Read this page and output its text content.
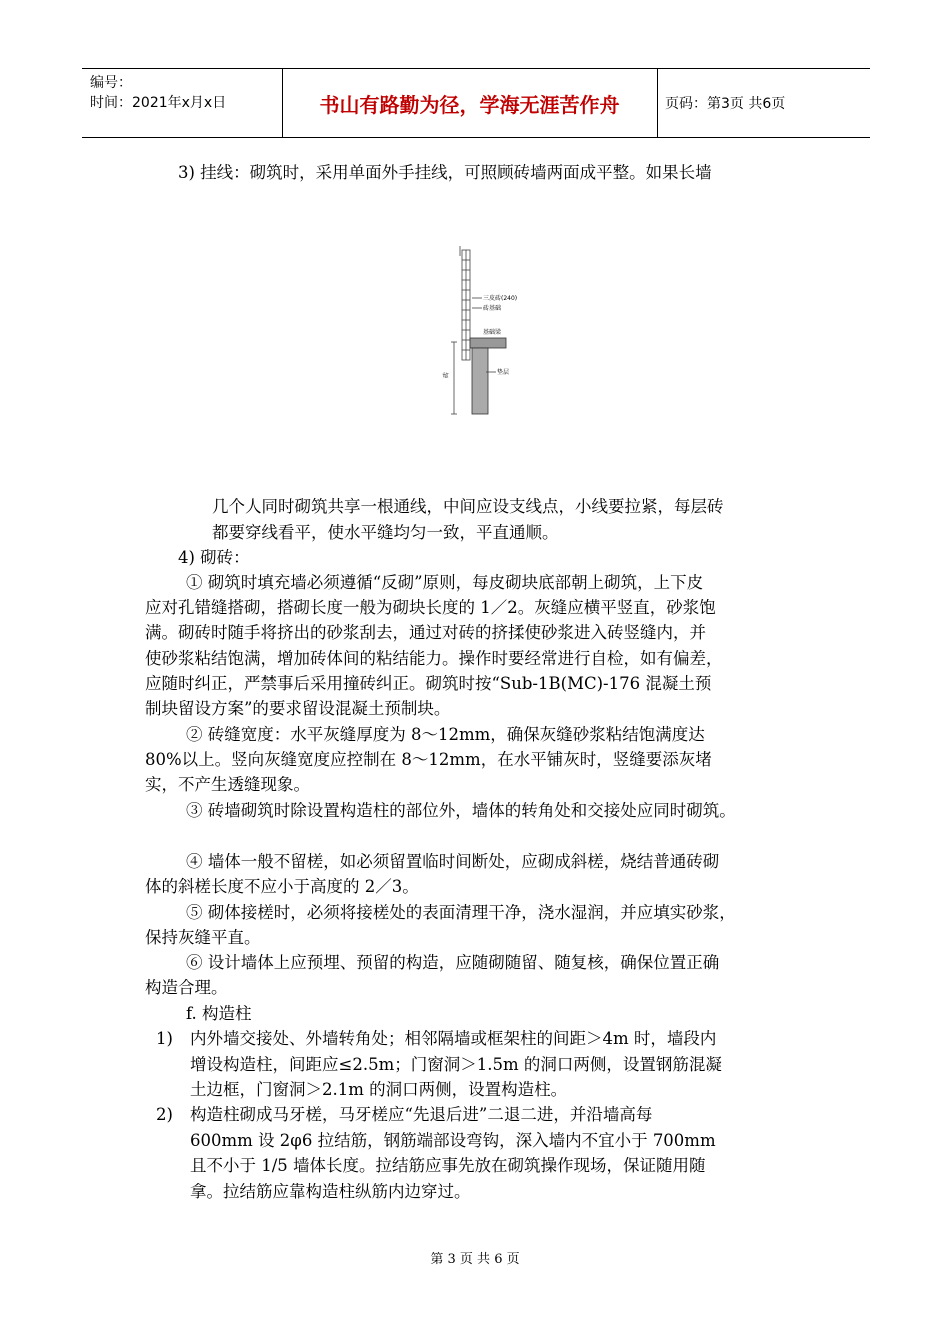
编号：
时间：2021年x月x日	书山有路勤为径，学海无涯苦作舟	页码：第3页 共6页
3) 挂线：砌筑时，采用单面外手挂线，可照顾砖墙两面成平整。如果长墙
三皮砖(240)
砖基础
基础梁
砖	垫层
几个人同时砌筑共享一根通线，中间应设支线点，小线要拉紧，每层砖
都要穿线看平，使水平缝均匀一致，平直通顺。
4) 砌砖：
① 砌筑时填充墙必须遵循“反砌”原则，每皮砌块底部朝上砌筑，上下皮
应对孔错缝搭砌，搭砌长度一般为砌块长度的 1／2。灰缝应横平竖直，砂浆饱
满。砌砖时随手将挤出的砂浆刮去，通过对砖的挤揉使砂浆进入砖竖缝内，并
使砂浆粘结饱满，增加砖体间的粘结能力。操作时要经常进行自检，如有偏差，
应随时纠正，严禁事后采用撞砖纠正。砌筑时按“Sub-1B(MC)-176 混凝土预
制块留设方案”的要求留设混凝土预制块。
② 砖缝宽度：水平灰缝厚度为 8～12mm，确保灰缝砂浆粘结饱满度达
80%以上。竖向灰缝宽度应控制在 8～12mm，在水平铺灰时，竖缝要添灰堵
实，不产生透缝现象。
③ 砖墙砌筑时除设置构造柱的部位外，墙体的转角处和交接处应同时砌筑。
④ 墙体一般不留槎，如必须留置临时间断处，应砌成斜槎，烧结普通砖砌
体的斜槎长度不应小于高度的 2／3。
⑤ 砌体接槎时，必须将接槎处的表面清理干净，浇水湿润，并应填实砂浆，
保持灰缝平直。
⑥ 设计墙体上应预埋、预留的构造，应随砌随留、随复核，确保位置正确
构造合理。
f. 构造柱
1) 内外墙交接处、外墙转角处；相邻隔墙或框架柱的间距＞4m 时，墙段内
增设构造柱，间距应≤2.5m；门窗洞＞1.5m 的洞口两侧，设置钢筋混凝
土边框，门窗洞＞2.1m 的洞口两侧，设置构造柱。
2) 构造柱砌成马牙槎，马牙槎应“先退后进”二退二进，并沿墙高每
600mm 设 2φ6 拉结筋，钢筋端部设弯钩，深入墙内不宜小于 700mm
且不小于 1/5 墙体长度。拉结筋应事先放在砌筑操作现场，保证随用随
拿。拉结筋应靠构造柱纵筋内边穿过。
第 3 页 共 6 页
